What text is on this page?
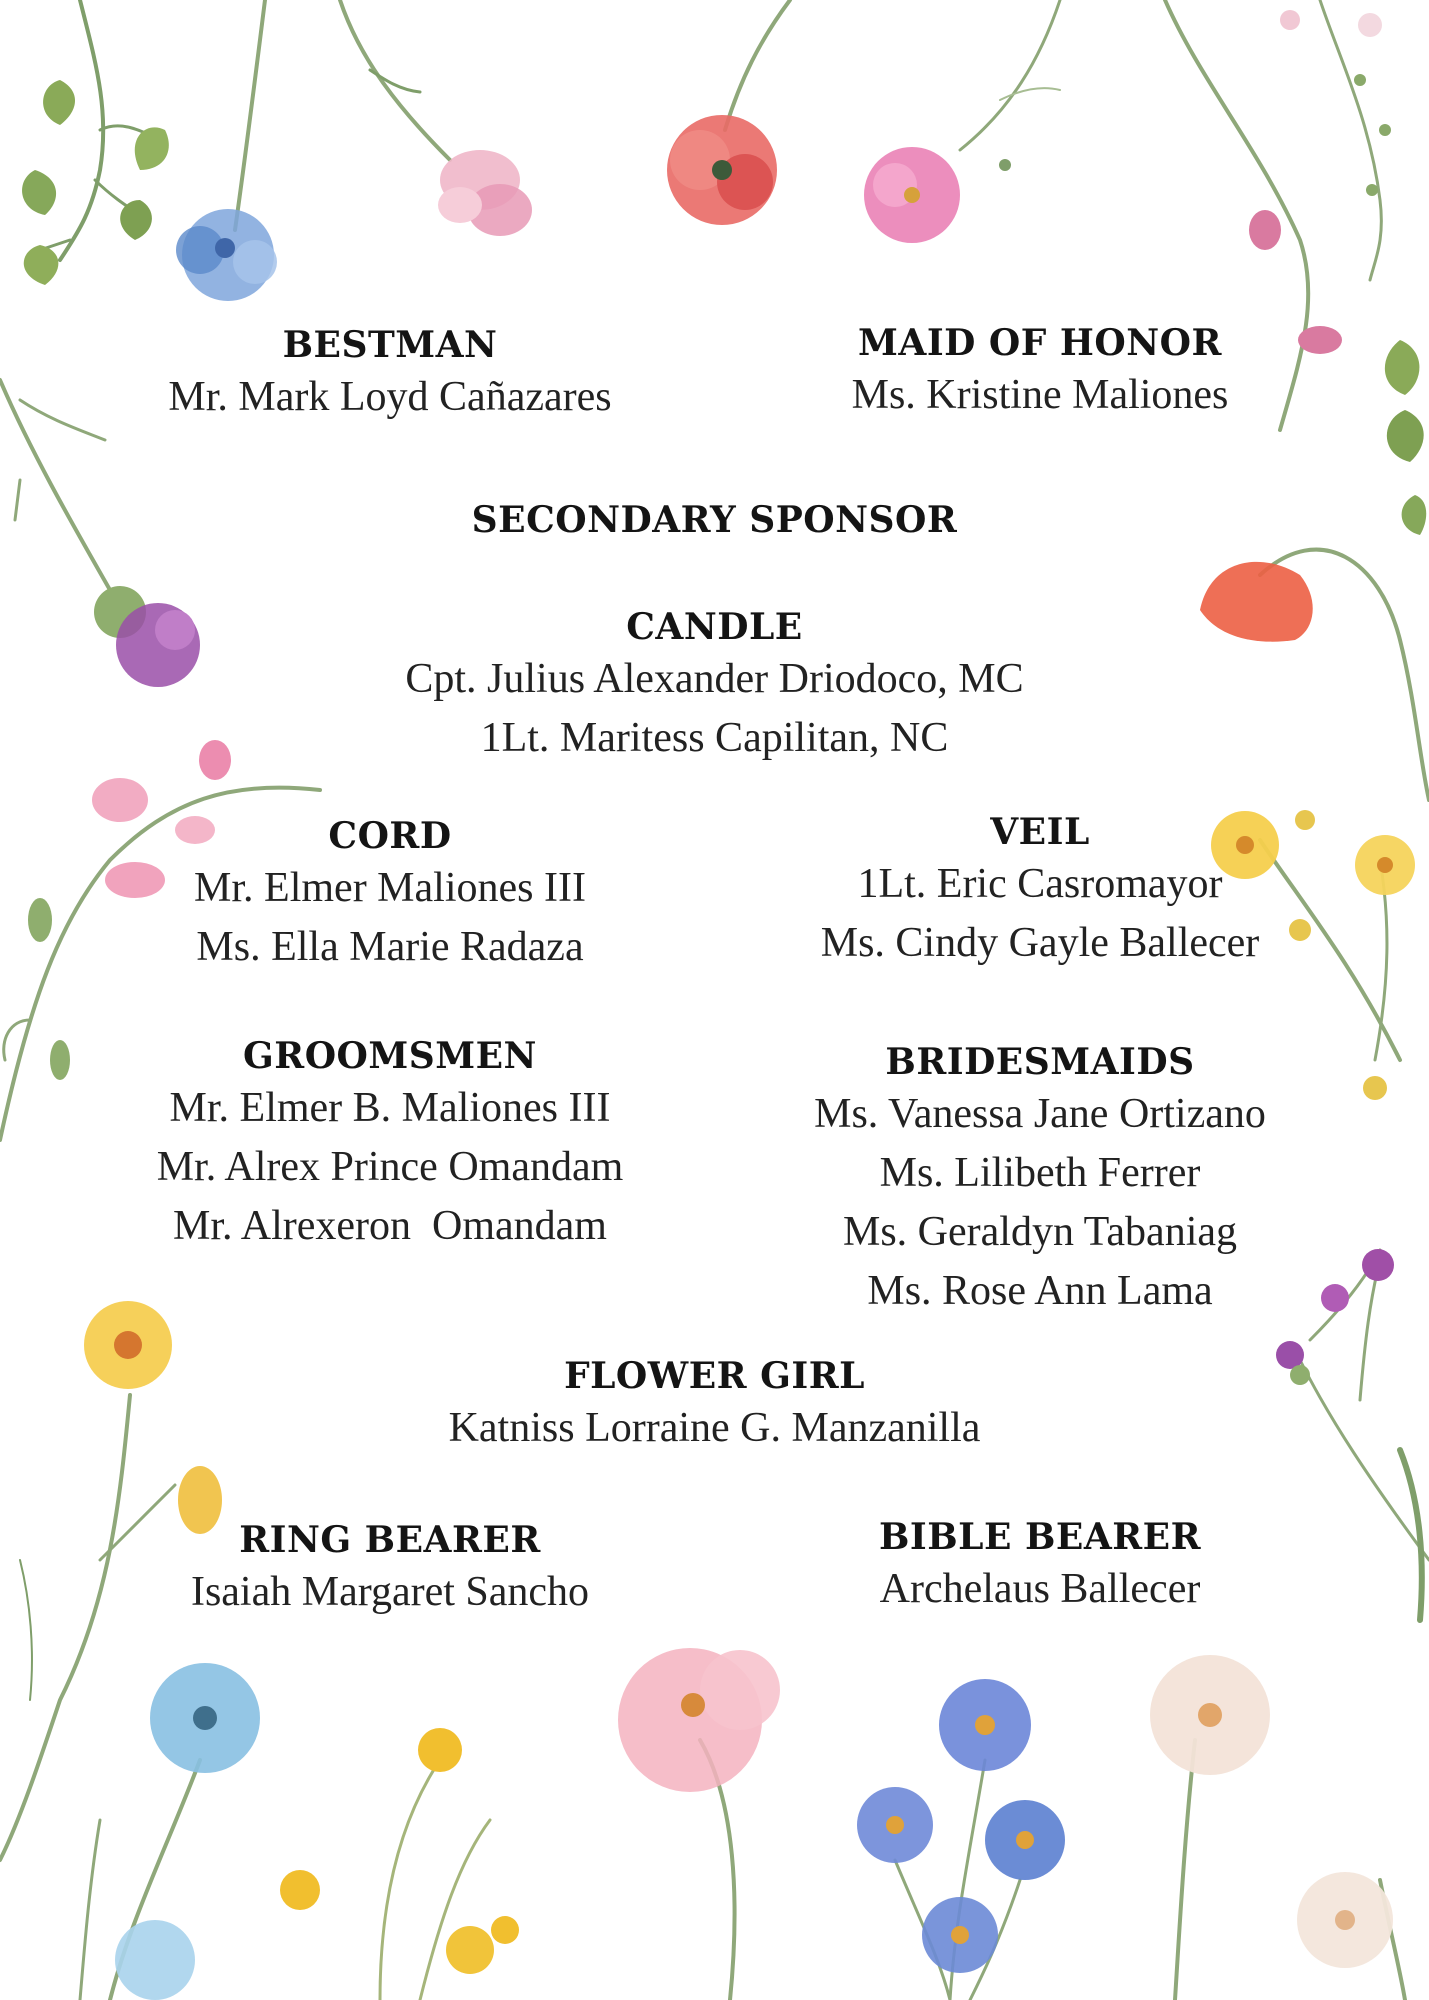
BESTMAN
Mr. Mark Loyd Cañazares
MAID OF HONOR
Ms. Kristine Maliones
SECONDARY SPONSOR
CANDLE
Cpt. Julius Alexander Driodoco, MC
1Lt. Maritess Capilitan, NC
CORD
Mr. Elmer Maliones III
Ms. Ella Marie Radaza
VEIL
1Lt. Eric Casromayor
Ms. Cindy Gayle Ballecer
GROOMSMEN
Mr. Elmer B. Maliones III
Mr. Alrex Prince Omandam
Mr. Alrexeron  Omandam
BRIDESMAIDS
Ms. Vanessa Jane Ortizano
Ms. Lilibeth Ferrer
Ms. Geraldyn Tabaniag
Ms. Rose Ann Lama
FLOWER GIRL
Katniss Lorraine G. Manzanilla
RING BEARER
Isaiah Margaret Sancho
BIBLE BEARER
Archelaus Ballecer
